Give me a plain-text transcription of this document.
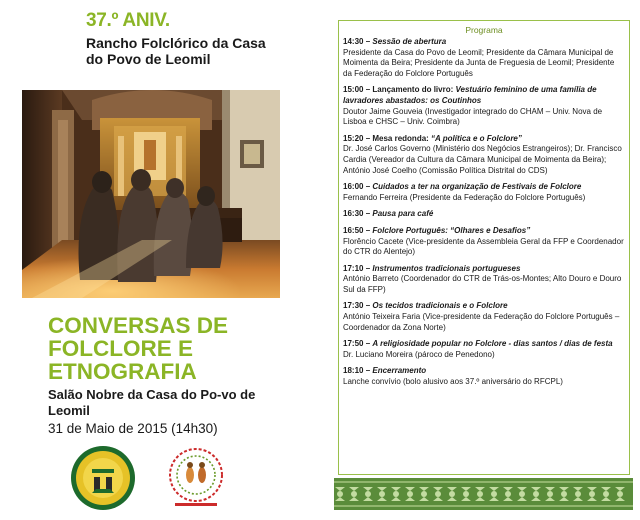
37.º ANIV.
Rancho Folclórico da Casa do Povo de Leomil
CONVERSAS DE FOLCLORE E ETNOGRAFIA
Salão Nobre da Casa do Po-vo de Leomil
31 de Maio de 2015 (14h30)
Programa
14:30 – Sessão de abertura
Presidente da Casa do Povo de Leomil; Presidente da Câmara Municipal de Moimenta da Beira; Presidente da Junta de Freguesia de Leomil; Presidente da Federação do Folclore Português
15:00 – Lançamento do livro: Vestuário feminino de uma família de lavradores abastados: os Coutinhos
Doutor Jaime Gouveia (Investigador integrado do CHAM – Univ. Nova de Lisboa e CHSC – Univ. Coimbra)
15:20 – Mesa redonda: “A política e o Folclore”
Dr. José Carlos Governo (Ministério dos Negócios Estrangeiros); Dr. Francisco Cardia (Vereador da Cultura da Câmara Municipal de Moimenta da Beira); António José Coelho (Comissão Política Distrital do CDS)
16:00 – Cuidados a ter na organização de Festivais de Folclore
Fernando Ferreira (Presidente da Federação do Folclore Português)
16:30 – Pausa para café
16:50 – Folclore Português: “Olhares e Desafios”
Florêncio Cacete (Vice-presidente da Assembleia Geral da FFP e Coordenador do CTR do Alentejo)
17:10 – Instrumentos tradicionais portugueses
António Barreto (Coordenador do CTR de Trás-os-Montes; Alto Douro e Douro Sul da FFP)
17:30 – Os tecidos tradicionais e o Folclore
António Teixeira Faria (Vice-presidente da Federação do Folclore Português – Coordenador da Zona Norte)
17:50 – A religiosidade popular no Folclore - dias santos / dias de festa
Dr. Luciano Moreira (pároco de Penedono)
18:10 – Encerramento
Lanche convívio (bolo alusivo aos 37.º aniversário do RFCPL)
